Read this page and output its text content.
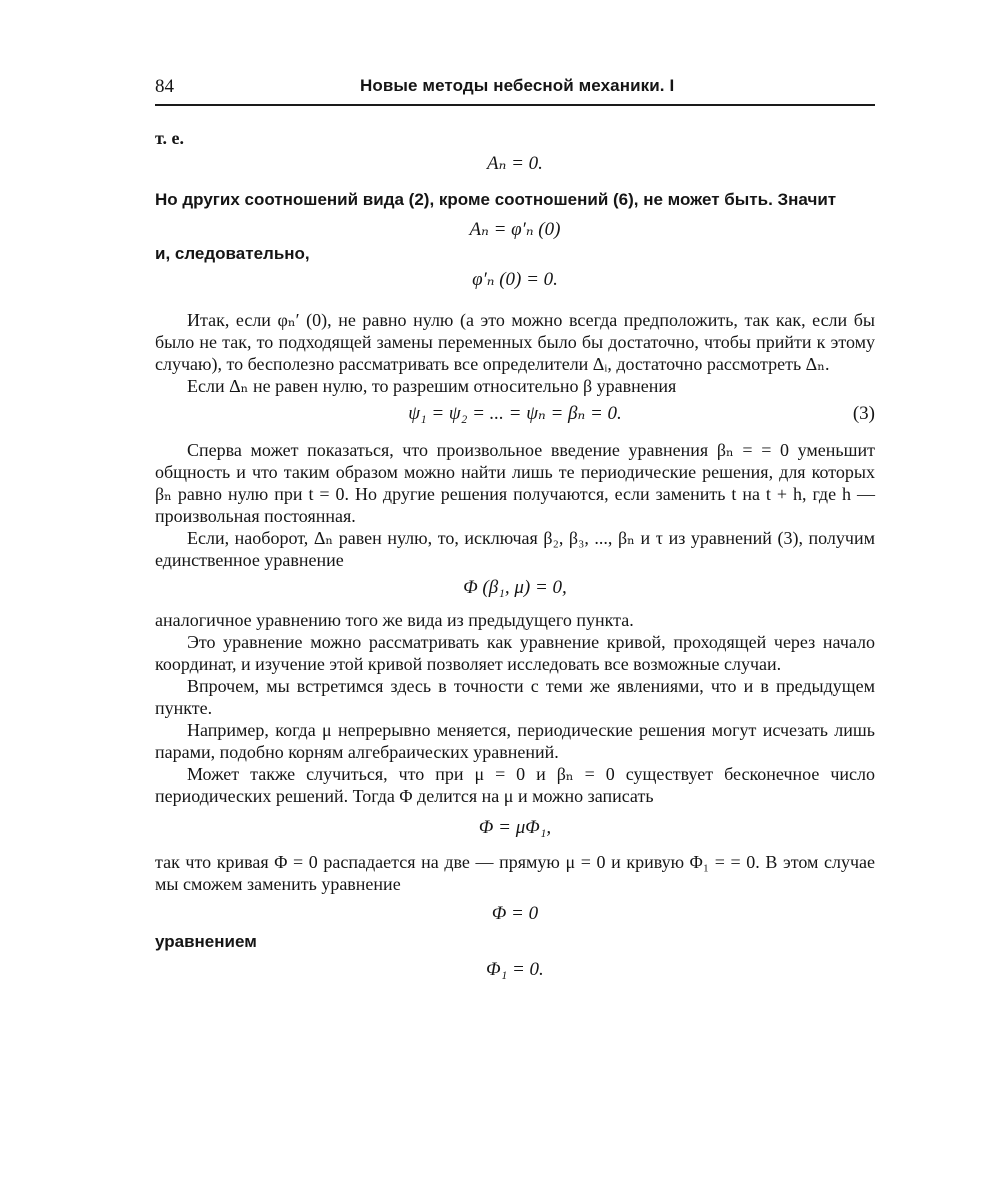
84	Новые методы небесной механики. I

т. е.

Aₙ = 0.

Но других соотношений вида (2), кроме соотношений (6), не может быть. Значит

Aₙ = φ′ₙ (0)

и, следовательно,

φ′ₙ (0) = 0.

Итак, если φₙ′ (0), не равно нулю (а это можно всегда предположить, так как, если бы было не так, то подходящей замены переменных было бы достаточно, чтобы прийти к этому случаю), то бесполезно рассматривать все определители Δᵢ, достаточно рассмотреть Δₙ.

Если Δₙ не равен нулю, то разрешим относительно β уравнения

ψ₁ = ψ₂ = ... = ψₙ = βₙ = 0.	(3)

Сперва может показаться, что произвольное введение уравнения βₙ = = 0 уменьшит общность и что таким образом можно найти лишь те периодические решения, для которых βₙ равно нулю при t = 0. Но другие решения получаются, если заменить t на t + h, где h — произвольная постоянная.

Если, наоборот, Δₙ равен нулю, то, исключая β₂, β₃, ..., βₙ и τ из уравнений (3), получим единственное уравнение

Φ (β₁, μ) = 0,

аналогичное уравнению того же вида из предыдущего пункта.

Это уравнение можно рассматривать как уравнение кривой, проходящей через начало координат, и изучение этой кривой позволяет исследовать все возможные случаи.

Впрочем, мы встретимся здесь в точности с теми же явлениями, что и в предыдущем пункте.

Например, когда μ непрерывно меняется, периодические решения могут исчезать лишь парами, подобно корням алгебраических уравнений.

Может также случиться, что при μ = 0 и βₙ = 0 существует бесконечное число периодических решений. Тогда Φ делится на μ и можно записать

Φ = μΦ₁,

так что кривая Φ = 0 распадается на две — прямую μ = 0 и кривую Φ₁ = = 0. В этом случае мы сможем заменить уравнение

Φ = 0

уравнением

Φ₁ = 0.
